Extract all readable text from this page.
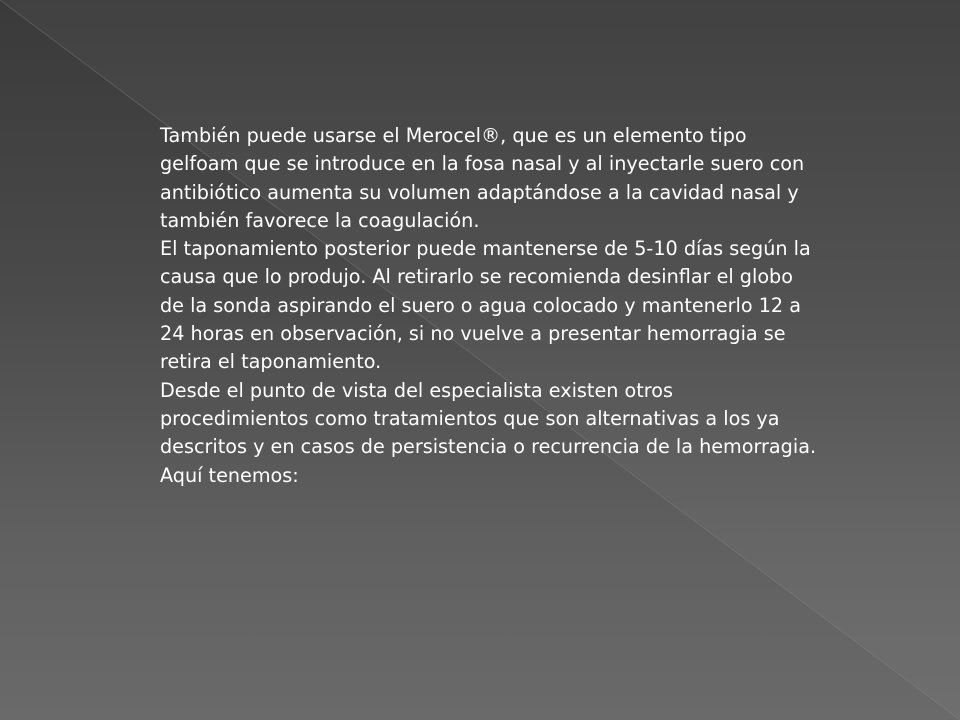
También puede usarse el Merocel®, que es un elemento tipo gelfoam que se introduce en la fosa nasal y al inyectarle suero con antibiótico aumenta su volumen adaptándose a la cavidad nasal y también favorece la coagulación.

El taponamiento posterior puede mantenerse de 5-10 días según la causa que lo produjo. Al retirarlo se recomienda desinflar el globo de la sonda aspirando el suero o agua colocado y mantenerlo 12 a 24 horas en observación, si no vuelve a presentar hemorragia se retira el taponamiento.

Desde el punto de vista del especialista existen otros procedimientos como tratamientos que son alternativas a los ya descritos y en casos de persistencia o recurrencia de la hemorragia.

Aquí tenemos:
